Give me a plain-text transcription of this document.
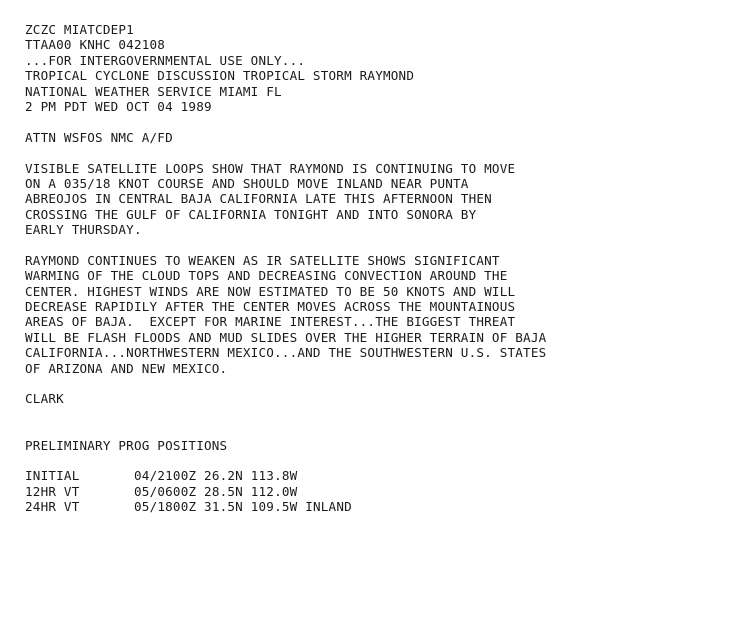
ZCZC MIATCDEP1
TTAA00 KNHC 042108
...FOR INTERGOVERNMENTAL USE ONLY...
TROPICAL CYCLONE DISCUSSION TROPICAL STORM RAYMOND
NATIONAL WEATHER SERVICE MIAMI FL
2 PM PDT WED OCT 04 1989
ATTN WSFOS NMC A/FD
VISIBLE SATELLITE LOOPS SHOW THAT RAYMOND IS CONTINUING TO MOVE
ON A 035/18 KNOT COURSE AND SHOULD MOVE INLAND NEAR PUNTA
ABREOJOS IN CENTRAL BAJA CALIFORNIA LATE THIS AFTERNOON THEN
CROSSING THE GULF OF CALIFORNIA TONIGHT AND INTO SONORA BY
EARLY THURSDAY.
RAYMOND CONTINUES TO WEAKEN AS IR SATELLITE SHOWS SIGNIFICANT
WARMING OF THE CLOUD TOPS AND DECREASING CONVECTION AROUND THE
CENTER. HIGHEST WINDS ARE NOW ESTIMATED TO BE 50 KNOTS AND WILL
DECREASE RAPIDILY AFTER THE CENTER MOVES ACROSS THE MOUNTAINOUS
AREAS OF BAJA.  EXCEPT FOR MARINE INTEREST...THE BIGGEST THREAT
WILL BE FLASH FLOODS AND MUD SLIDES OVER THE HIGHER TERRAIN OF BAJA
CALIFORNIA...NORTHWESTERN MEXICO...AND THE SOUTHWESTERN U.S. STATES
OF ARIZONA AND NEW MEXICO.
CLARK
PRELIMINARY PROG POSITIONS
INITIAL	04/2100Z 26.2N 113.8W
12HR VT	05/0600Z 28.5N 112.0W
24HR VT	05/1800Z 31.5N 109.5W INLAND
